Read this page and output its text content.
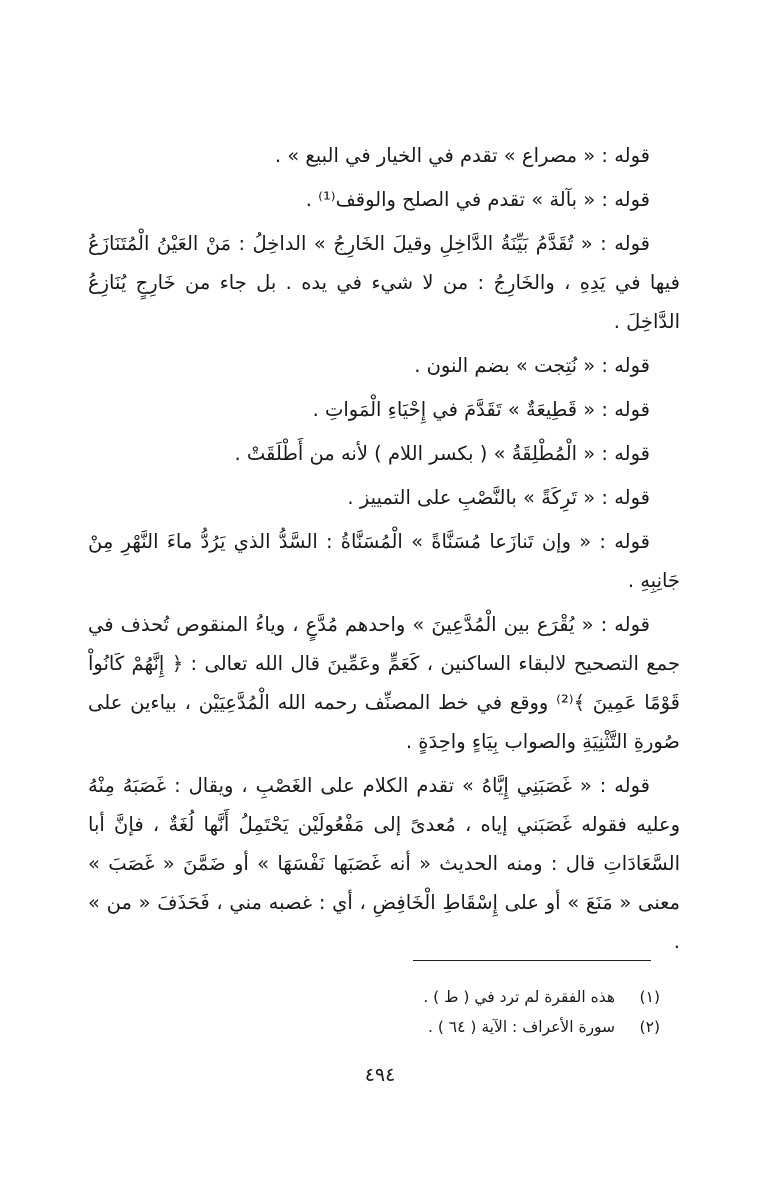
قوله : « مصراع » تقدم في الخيار في البيع » .

قوله : « بآلة » تقدم في الصلح والوقف⁽¹⁾ .

قوله : « تُقَدَّمُ بَيِّنَةُ الدَّاخِلِ وقيلَ الخَارِجُ » الداخِلُ : مَنْ العَيْنُ الْمُتَنَازَعُ فيها في يَدِهِ ، والخَارِجُ : من لا شيء في يده . بل جاء من خَارِجٍ يُنَازِعُ الدَّاخِلَ .

قوله : « نُتِجت » بضم النون .

قوله : « قَطِيعَةٌ » تَقَدَّمَ في إِحْيَاءِ الْمَواتِ .

قوله : « الْمُطْلِقَةُ » ( بكسر اللام ) لأنه من أَطْلَقَتْ .

قوله : « تَرِكَةً » بالنَّصْبِ على التمييز .

قوله : « وإن تَنازَعا مُسَنَّاةً » الْمُسَنَّاةُ : السَّدُّ الذي يَرُدُّ ماءَ النَّهْرِ مِنْ جَانِبِهِ .

قوله : « يُقْرَع بين الْمُدَّعِينَ » واحدهم مُدَّعٍ ، وياءُ المنقوص تُحذف في جمع التصحيح لالبقاء الساكنين ، كَعَمٍّ وعَمِّينَ قال الله تعالى : ﴿ إِنَّهُمْ كَانُواْ قَوْمًا عَمِينَ ﴾⁽²⁾ ووقع في خط المصنِّف رحمه الله الْمُدَّعِيَيْن ، بياءين على صُورةِ التَّثْنِيَةِ والصواب بِيَاءٍ واحِدَةٍ .

قوله : « غَصَبَنِي إِيَّاهُ » تقدم الكلام على الغَصْبِ ، ويقال : غَصَبَهُ مِنْهُ وعليه فقوله غَصَبَني إياه ، مُعدىً إلى مَفْعُولَيْن يَحْتَمِلُ أَنَّها لُغَةٌ ، فإنَّ أبا السَّعَادَاتِ قال : ومنه الحديث « أنه غَصَبَها نَفْسَهَا » أو ضَمَّنَ « غَصَبَ » معنى « مَنَعَ » أو على إِسْقَاطِ الْخَافِضِ ، أي : غصبه مني ، فَحَذَفَ « من » .

(١) هذه الفقرة لم ترد في ( ط ) .

(٢) سورة الأعراف : الآية ( ٦٤ ) .

٤٩٤
